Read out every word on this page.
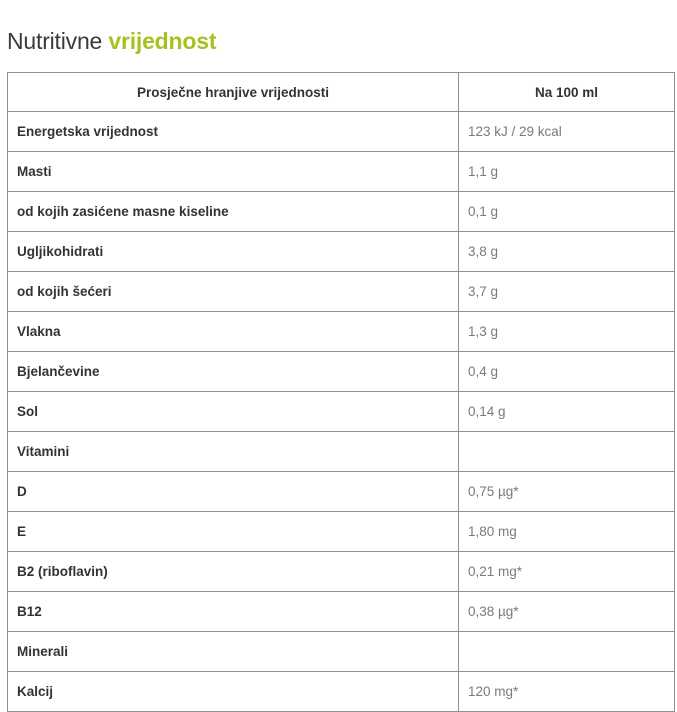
Nutritivne vrijednost
Prosječne hranjive vrijednosti	Na 100 ml
Energetska vrijednost	123 kJ / 29 kcal
Masti	1,1 g
od kojih zasićene masne kiseline	0,1 g
Ugljikohidrati	3,8 g
od kojih šećeri	3,7 g
Vlakna	1,3 g
Bjelančevine	0,4 g
Sol	0,14 g
Vitamini	
D	0,75 µg*
E	1,80 mg
B2 (riboflavin)	0,21 mg*
B12	0,38 µg*
Minerali	
Kalcij	120 mg*
